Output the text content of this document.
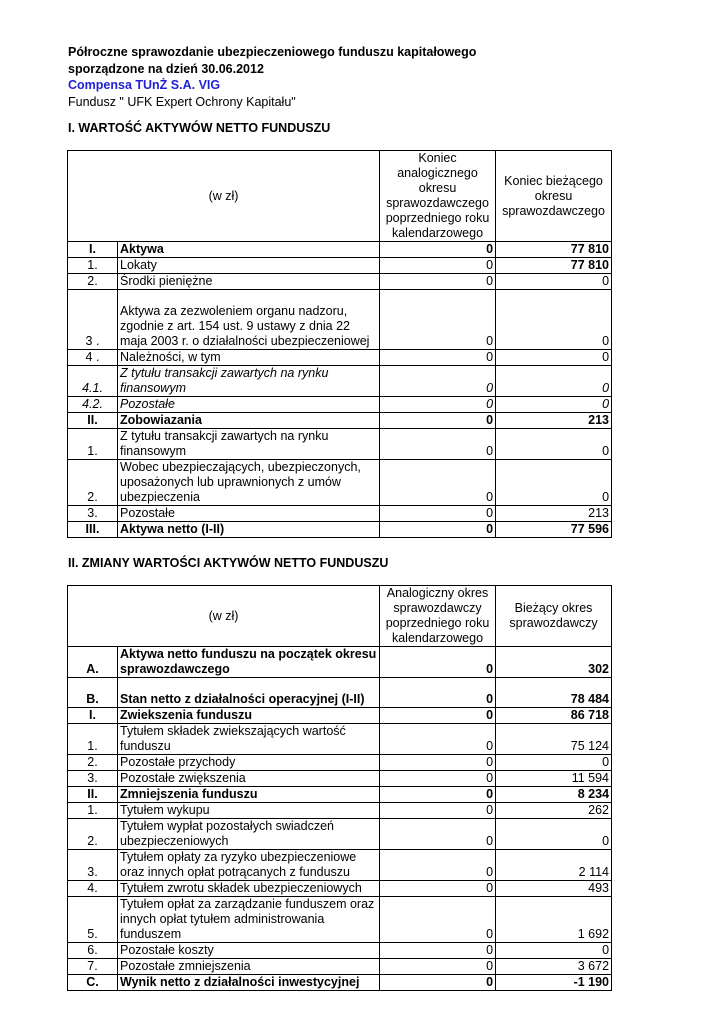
Półroczne sprawozdanie ubezpieczeniowego funduszu kapitałowego
sporządzone na dzień 30.06.2012
Compensa TUnŻ S.A. VIG
Fundusz " UFK Expert Ochrony Kapitału"
I. WARTOŚĆ AKTYWÓW NETTO FUNDUSZU
(w zł)		Koniec analogicznego okresu sprawozdawczego poprzedniego roku kalendarzowego	Koniec bieżącego okresu sprawozdawczego
I.	Aktywa	0	77 810
1.	Lokaty	0	77 810
2.	Środki pieniężne	0	0
3 .	Aktywa za zezwoleniem organu nadzoru, zgodnie z art. 154 ust. 9 ustawy z dnia 22 maja 2003 r. o działalności ubezpieczeniowej	0	0
4 .	Należności, w tym	0	0
4.1.	Z tytułu transakcji zawartych na rynku finansowym	0	0
4.2.	Pozostałe	0	0
II.	Zobowiazania	0	213
1.	Z tytułu transakcji zawartych na rynku finansowym	0	0
2.	Wobec ubezpieczających, ubezpieczonych, uposażonych lub uprawnionych z umów ubezpieczenia	0	0
3.	Pozostałe	0	213
III.	Aktywa netto (I-II)	0	77 596
II. ZMIANY WARTOŚCI AKTYWÓW NETTO FUNDUSZU
(w zł)		Analogiczny okres sprawozdawczy poprzedniego roku kalendarzowego	Bieżący okres sprawozdawczy
A.	Aktywa netto funduszu na początek okresu sprawozdawczego	0	302
B.	Stan netto z działalności operacyjnej (I-II)	0	78 484
I.	Zwiekszenia funduszu	0	86 718
1.	Tytułem składek zwiekszających wartość funduszu	0	75 124
2.	Pozostałe przychody	0	0
3.	Pozostałe zwiększenia	0	11 594
II.	Zmniejszenia funduszu	0	8 234
1.	Tytułem wykupu	0	262
2.	Tytułem wypłat pozostałych swiadczeń ubezpieczeniowych	0	0
3.	Tytułem opłaty za ryzyko ubezpieczeniowe oraz innych opłat potrącanych z funduszu	0	2 114
4.	Tytułem zwrotu składek ubezpieczeniowych	0	493
5.	Tytułem opłat za zarządzanie funduszem oraz innych opłat tytułem administrowania funduszem	0	1 692
6.	Pozostałe koszty	0	0
7.	Pozostałe zmniejszenia	0	3 672
C.	Wynik netto z działalności inwestycyjnej	0	-1 190
